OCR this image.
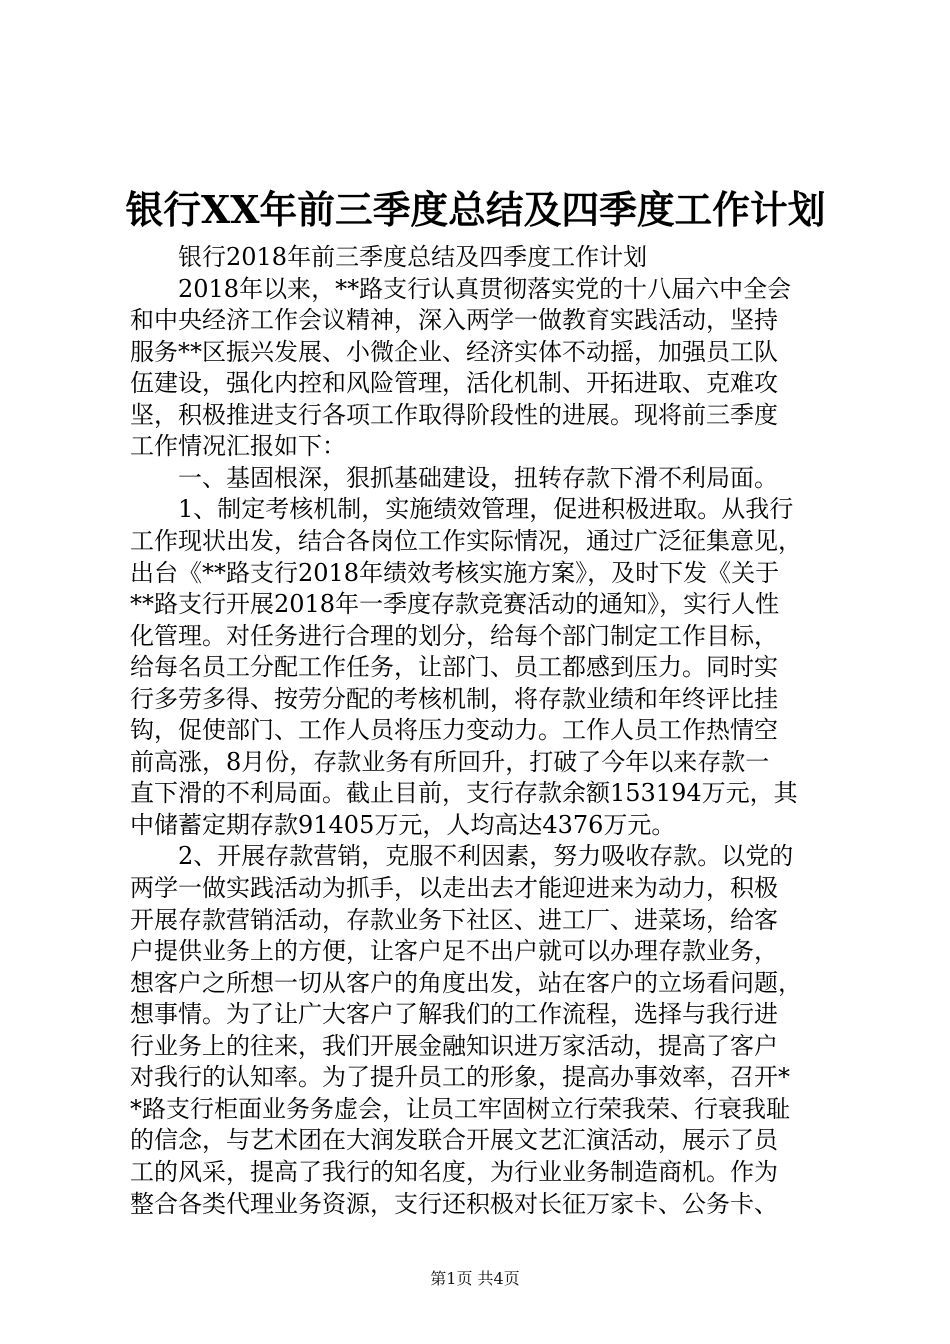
银行XX年前三季度总结及四季度工作计划
　　银行2018年前三季度总结及四季度工作计划
　　2018年以来，**路支行认真贯彻落实党的十八届六中全会
和中央经济工作会议精神，深入两学一做教育实践活动，坚持
服务**区振兴发展、小微企业、经济实体不动摇，加强员工队
伍建设，强化内控和风险管理，活化机制、开拓进取、克难攻
坚，积极推进支行各项工作取得阶段性的进展。现将前三季度
工作情况汇报如下：
　　一、基固根深，狠抓基础建设，扭转存款下滑不利局面。
　　1、制定考核机制，实施绩效管理，促进积极进取。从我行
工作现状出发，结合各岗位工作实际情况，通过广泛征集意见，
出台《**路支行2018年绩效考核实施方案》，及时下发《关于
**路支行开展2018年一季度存款竞赛活动的通知》，实行人性
化管理。对任务进行合理的划分，给每个部门制定工作目标，
给每名员工分配工作任务，让部门、员工都感到压力。同时实
行多劳多得、按劳分配的考核机制，将存款业绩和年终评比挂
钩，促使部门、工作人员将压力变动力。工作人员工作热情空
前高涨，8月份，存款业务有所回升，打破了今年以来存款一
直下滑的不利局面。截止目前，支行存款余额153194万元，其
中储蓄定期存款91405万元，人均高达4376万元。
　　2、开展存款营销，克服不利因素，努力吸收存款。以党的
两学一做实践活动为抓手，以走出去才能迎进来为动力，积极
开展存款营销活动，存款业务下社区、进工厂、进菜场，给客
户提供业务上的方便，让客户足不出户就可以办理存款业务，
想客户之所想一切从客户的角度出发，站在客户的立场看问题，
想事情。为了让广大客户了解我们的工作流程，选择与我行进
行业务上的往来，我们开展金融知识进万家活动，提高了客户
对我行的认知率。为了提升员工的形象，提高办事效率，召开*
*路支行柜面业务务虚会，让员工牢固树立行荣我荣、行衰我耻
的信念，与艺术团在大润发联合开展文艺汇演活动，展示了员
工的风采，提高了我行的知名度，为行业业务制造商机。作为
整合各类代理业务资源，支行还积极对长征万家卡、公务卡、
第1页 共4页
